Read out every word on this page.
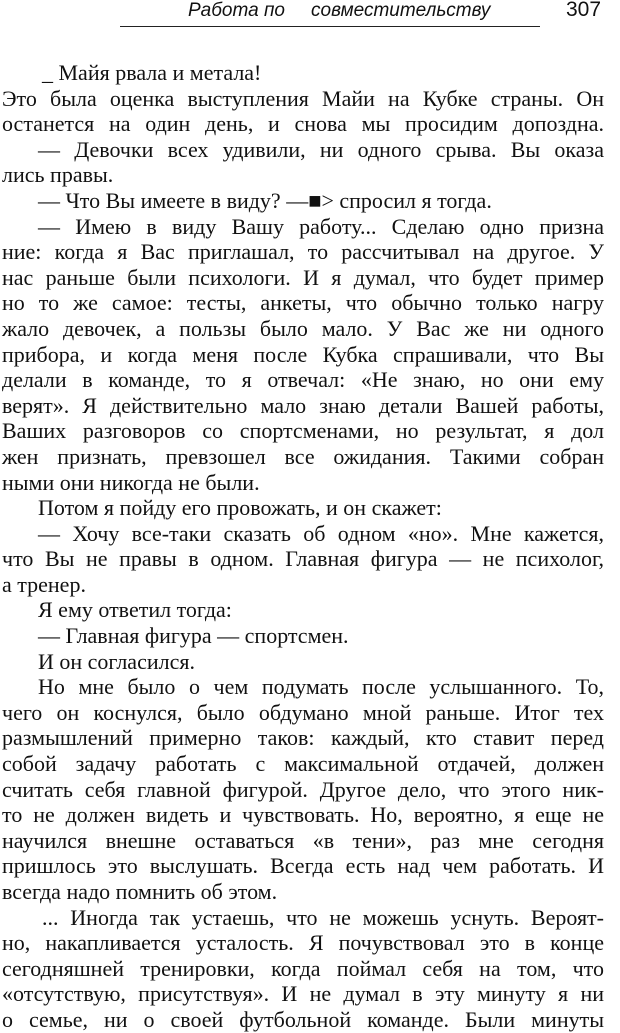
Работа по совместительству	307
_ Майя рвала и метала!
Это была оценка выступления Майи на Кубке страны. Он
останется на один день, и снова мы просидим допоздна.
— Девочки всех удивили, ни одного срыва. Вы оказа
лись правы.
— Что Вы имеете в виду? —■> спросил я тогда.
— Имею в виду Вашу работу... Сделаю одно призна
ние: когда я Вас приглашал, то рассчитывал на другое. У
нас раньше были психологи. И я думал, что будет пример
но то же самое: тесты, анкеты, что обычно только нагру
жало девочек, а пользы было мало. У Вас же ни одного
прибора, и когда меня после Кубка спрашивали, что Вы
делали в команде, то я отвечал: «Не знаю, но они ему
верят». Я действительно мало знаю детали Вашей работы,
Ваших разговоров со спортсменами, но результат, я дол
жен признать, превзошел все ожидания. Такими собран
ными они никогда не были.
Потом я пойду его провожать, и он скажет:
— Хочу все-таки сказать об одном «но». Мне кажется,
что Вы не правы в одном. Главная фигура — не психолог,
а тренер.
Я ему ответил тогда:
— Главная фигура — спортсмен.
И он согласился.
Но мне было о чем подумать после услышанного. То,
чего он коснулся, было обдумано мной раньше. Итог тех
размышлений примерно таков: каждый, кто ставит перед
собой задачу работать с максимальной отдачей, должен
считать себя главной фигурой. Другое дело, что этого ник-
то не должен видеть и чувствовать. Но, вероятно, я еще не
научился внешне оставаться «в тени», раз мне сегодня
пришлось это выслушать. Всегда есть над чем работать. И
всегда надо помнить об этом.
... Иногда так устаешь, что не можешь уснуть. Вероят-
но, накапливается усталость. Я почувствовал это в конце
сегодняшней тренировки, когда поймал себя на том, что
«отсутствую, присутствуя». И не думал в эту минуту я ни
о семье, ни о своей футбольной команде. Были минуты
